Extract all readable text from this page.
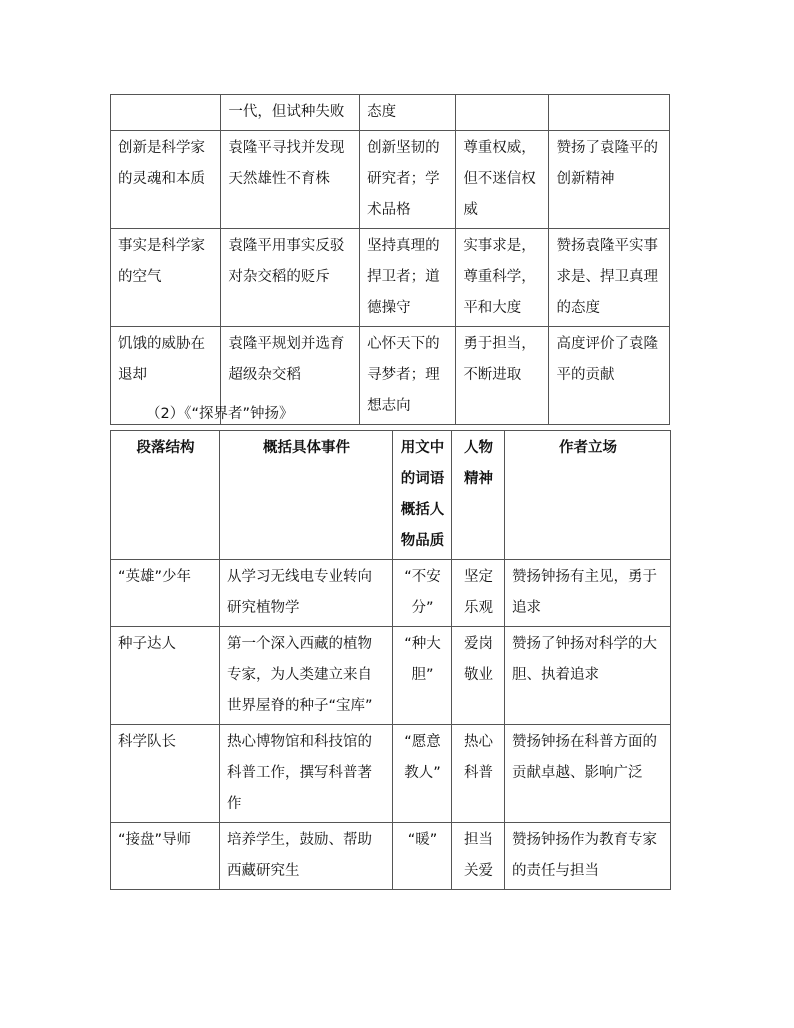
	一代，但试种失败	态度		
创新是科学家的灵魂和本质	袁隆平寻找并发现天然雄性不育株	创新坚韧的研究者；学术品格	尊重权威，但不迷信权威	赞扬了袁隆平的创新精神
事实是科学家的空气	袁隆平用事实反驳对杂交稻的贬斥	坚持真理的捍卫者；道德操守	实事求是，尊重科学，平和大度	赞扬袁隆平实事求是、捍卫真理的态度
饥饿的威胁在退却	袁隆平规划并选育超级杂交稻	心怀天下的寻梦者；理想志向	勇于担当，不断进取	高度评价了袁隆平的贡献
（2）《“探界者”钟扬》
段落结构	概括具体事件	用文中的词语概括人物品质	人物精神	作者立场
“英雄”少年	从学习无线电专业转向研究植物学	“不安分”	坚定乐观	赞扬钟扬有主见，勇于追求
种子达人	第一个深入西藏的植物专家，为人类建立来自世界屋脊的种子“宝库”	“种大胆”	爱岗敬业	赞扬了钟扬对科学的大胆、执着追求
科学队长	热心博物馆和科技馆的科普工作，撰写科普著作	“愿意教人”	热心科普	赞扬钟扬在科普方面的贡献卓越、影响广泛
“接盘”导师	培养学生，鼓励、帮助西藏研究生	“暖”	担当关爱	赞扬钟扬作为教育专家的责任与担当
